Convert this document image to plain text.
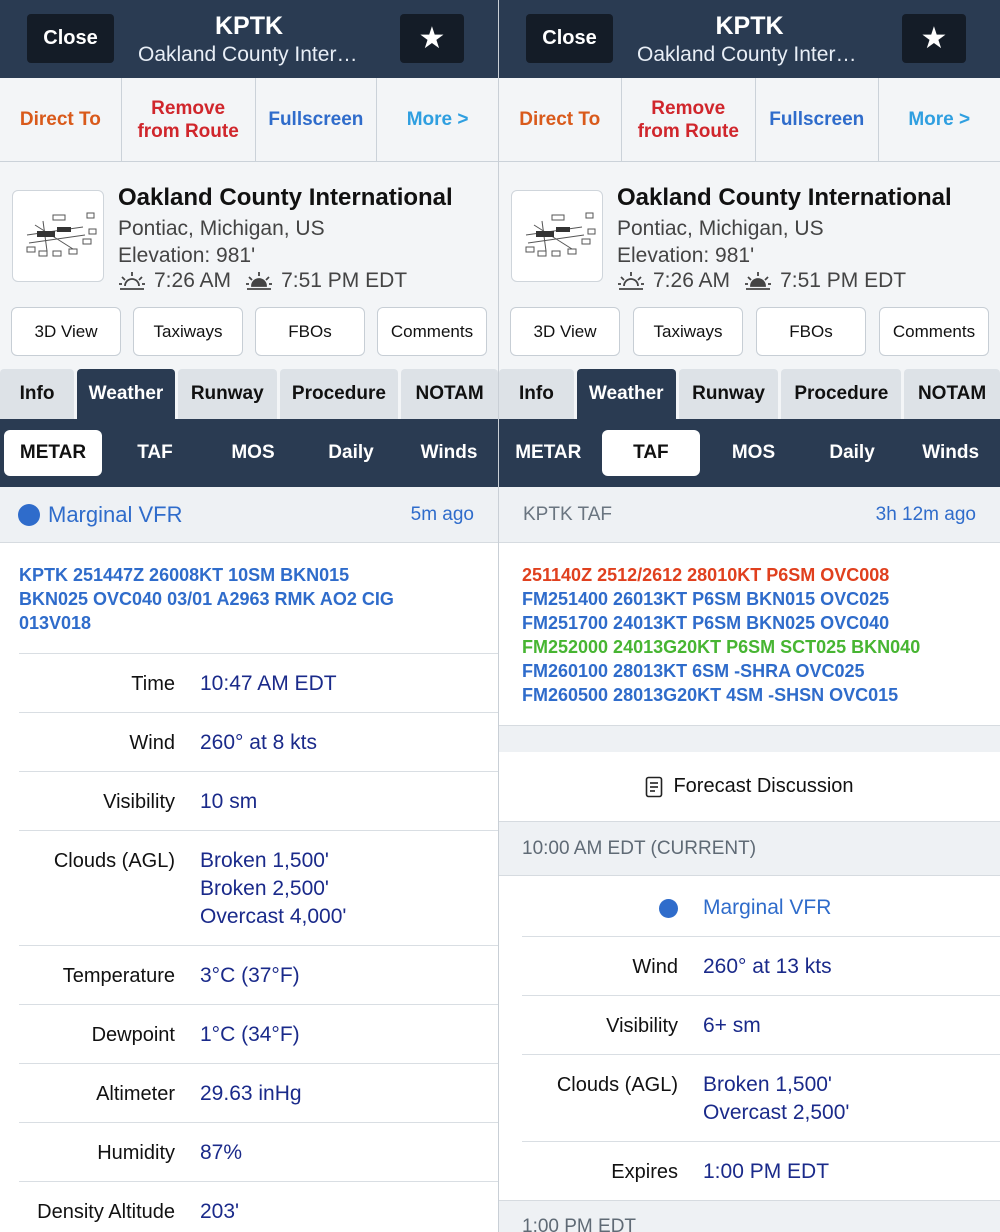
Close	KPTK
Oakland County Inter…	★
Direct To
Remove from Route
Fullscreen	More >
Oakland County International
Pontiac, Michigan, US
Elevation: 981'
7:26 AM 7:51 PM EDT
3D View	Taxiways	FBOs	Comments
Info	Weather	Runway	Procedure	NOTAM
METAR	TAF	MOS	Daily	Winds
Marginal VFR	5m ago
KPTK 251447Z 26008KT 10SM BKN015
BKN025 OVC040 03/01 A2963 RMK AO2 CIG
013V018
Time	10:47 AM EDT
Wind	260° at 8 kts
Visibility	10 sm
Clouds (AGL) Broken 1,500'
Broken 2,500'
Overcast 4,000'
Temperature	3°C (37°F)
Dewpoint	1°C (34°F)
Altimeter	29.63 inHg
Humidity	87%
Density Altitude	203'
Close	KPTK
Oakland County Inter…	★
Direct To
Remove from Route
Fullscreen	More >
Oakland County International
Pontiac, Michigan, US
Elevation: 981'
7:26 AM 7:51 PM EDT
3D View	Taxiways	FBOs	Comments
Info	Weather	Runway	Procedure	NOTAM
METAR	TAF	MOS	Daily	Winds
KPTK TAF	3h 12m ago
251140Z 2512/2612 28010KT P6SM OVC008
FM251400 26013KT P6SM BKN015 OVC025
FM251700 24013KT P6SM BKN025 OVC040
FM252000 24013G20KT P6SM SCT025 BKN040
FM260100 28013KT 6SM -SHRA OVC025
FM260500 28013G20KT 4SM -SHSN OVC015
Forecast Discussion
10:00 AM EDT (CURRENT)
Marginal VFR
Wind	260° at 13 kts
Visibility	6+ sm
Clouds (AGL) Broken 1,500'
Overcast 2,500'
Expires	1:00 PM EDT
1:00 PM EDT
